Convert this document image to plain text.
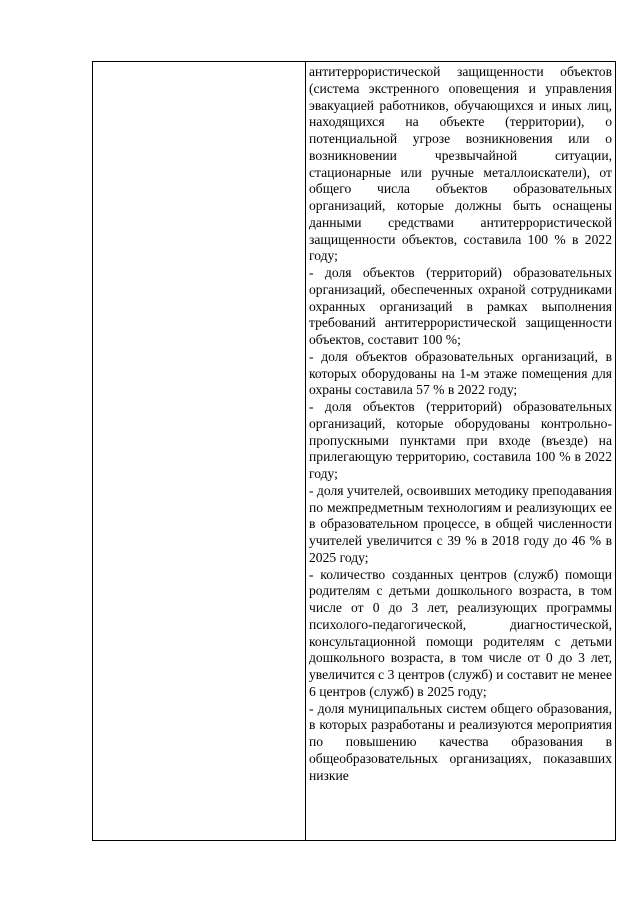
антитеррористической защищенности объектов (система экстренного оповещения и управления эвакуацией работников, обучающихся и иных лиц, находящихся на объекте (территории), о потенциальной угрозе возникновения или о возникновении чрезвычайной ситуации, стационарные или ручные металлоискатели), от общего числа объектов образовательных организаций, которые должны быть оснащены данными средствами антитеррористической защищенности объектов, составила 100 % в 2022 году;

- доля объектов (территорий) образовательных организаций, обеспеченных охраной сотрудниками охранных организаций в рамках выполнения требований антитеррористической защищенности объектов, составит 100 %;

- доля объектов образовательных организаций, в которых оборудованы на 1-м этаже помещения для охраны составила 57 % в 2022 году;

- доля объектов (территорий) образовательных организаций, которые оборудованы контрольно-пропускными пунктами при входе (въезде) на прилегающую территорию, составила 100 % в 2022 году;

- доля учителей, освоивших методику преподавания по межпредметным технологиям и реализующих ее в образовательном процессе, в общей численности учителей увеличится с 39 % в 2018 году до 46 % в 2025 году;

- количество созданных центров (служб) помощи родителям с детьми дошкольного возраста, в том числе от 0 до 3 лет, реализующих программы психолого-педагогической, диагностической, консультационной помощи родителям с детьми дошкольного возраста, в том числе от 0 до 3 лет, увеличится с 3 центров (служб) и составит не менее 6 центров (служб) в 2025 году;

- доля муниципальных систем общего образования, в которых разработаны и реализуются мероприятия по повышению качества образования в общеобразовательных организациях, показавших низкие
